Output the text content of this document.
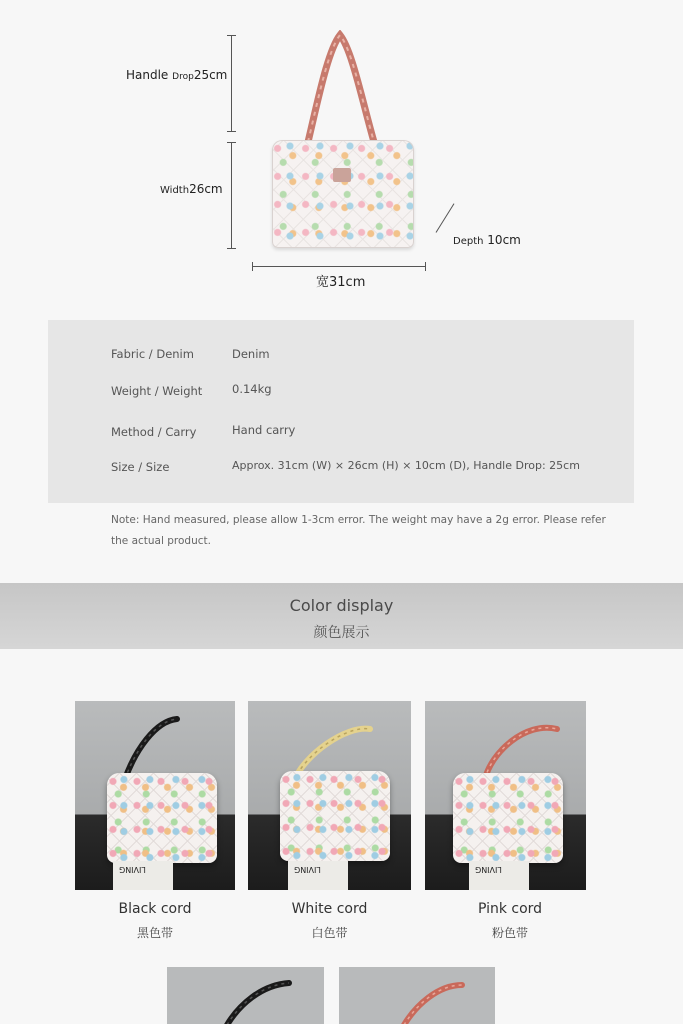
Handle Drop25cm
Width26cm
Depth 10cm
宽31cm
Fabric / Denim	Denim
Weight / Weight	0.14kg
Method / Carry	Hand carry
Size / Size	Approx. 31cm (W) × 26cm (H) × 10cm (D), Handle Drop: 25cm
Note: Hand measured, please allow 1-3cm error. The weight may have a 2g error. Please refer the actual product.
Color display
颜色展示
LIVING
Black cord
黑色带
LIVING
White cord
白色带
LIVING
Pink cord
粉色带
